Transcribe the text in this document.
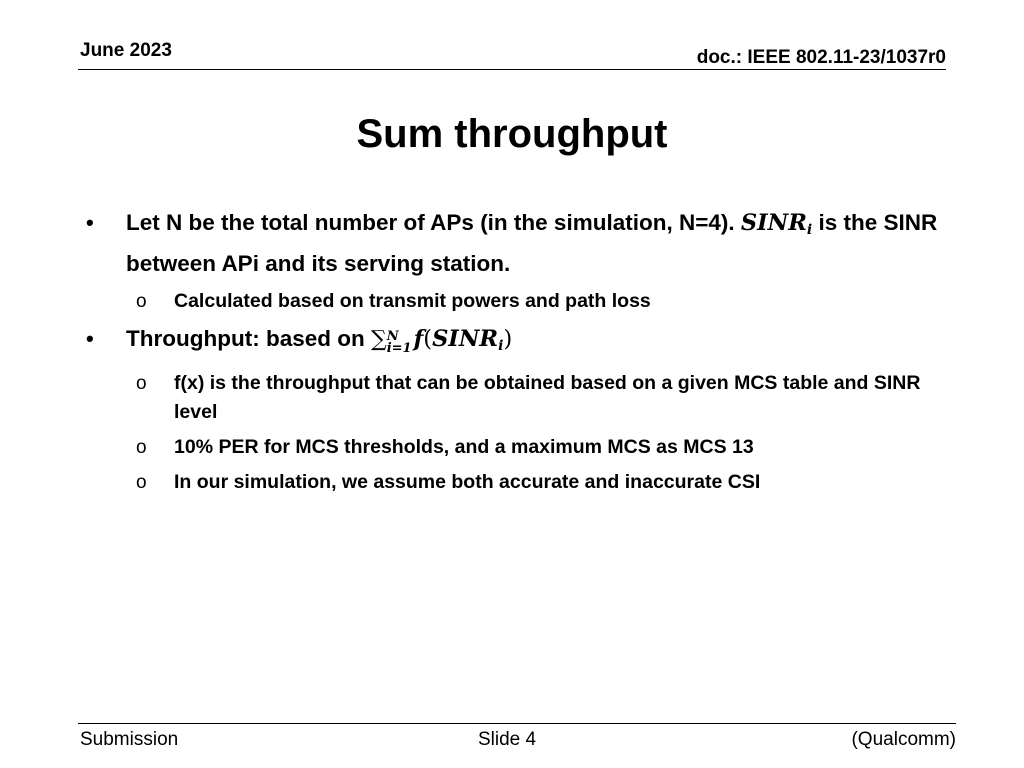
June 2023	doc.: IEEE 802.11-23/1037r0
Sum throughput
• Let N be the total number of APs (in the simulation, N=4). $SINR_i$ is the SINR between APi and its serving station.
o Calculated based on transmit powers and path loss
• Throughput: based on ∑ N
i=1 $f(SINR_i)$
o f(x) is the throughput that can be obtained based on a given MCS table and SINR level
o 10% PER for MCS thresholds, and a maximum MCS as MCS 13
o In our simulation, we assume both accurate and inaccurate CSI
Submission	Slide 4	(Qualcomm)
